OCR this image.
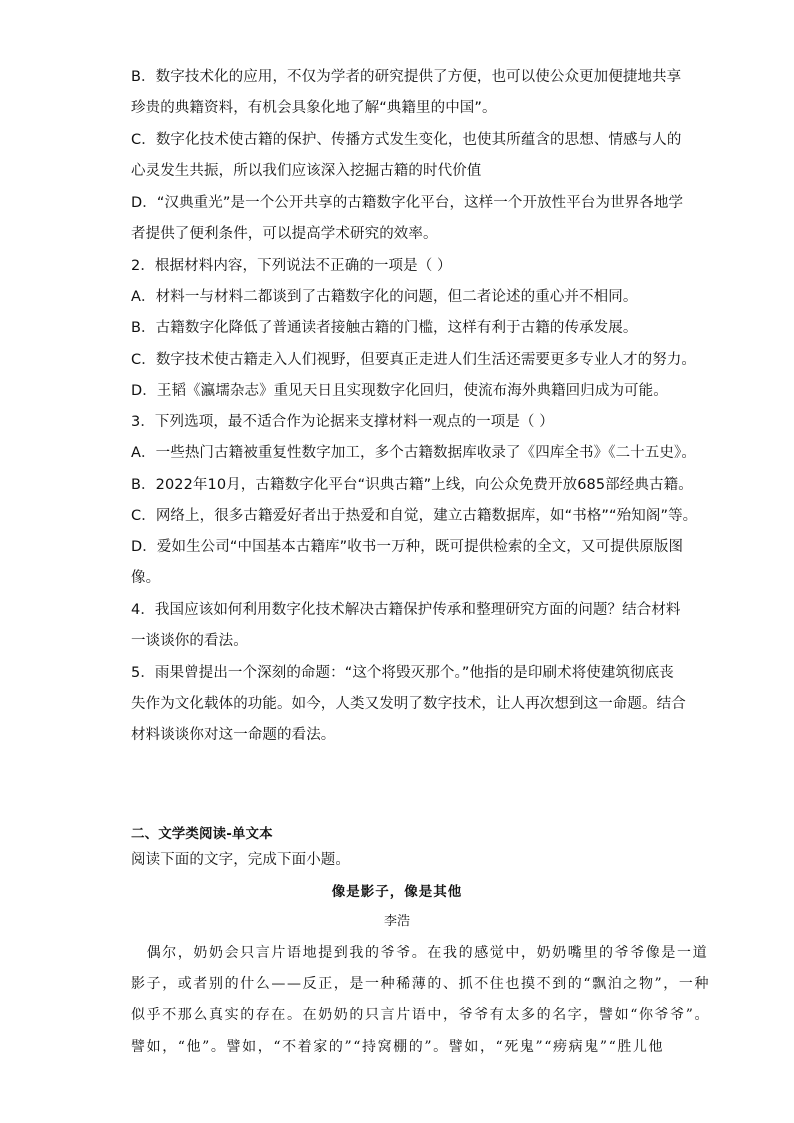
B．数字技术化的应用，不仅为学者的研究提供了方便，也可以使公众更加便捷地共享
珍贵的典籍资料，有机会具象化地了解“典籍里的中国”。
C．数字化技术使古籍的保护、传播方式发生变化，也使其所蕴含的思想、情感与人的
心灵发生共振，所以我们应该深入挖掘古籍的时代价值
D．“汉典重光”是一个公开共享的古籍数字化平台，这样一个开放性平台为世界各地学
者提供了便利条件，可以提高学术研究的效率。
2．根据材料内容，下列说法不正确的一项是（ ）
A．材料一与材料二都谈到了古籍数字化的问题，但二者论述的重心并不相同。
B．古籍数字化降低了普通读者接触古籍的门槛，这样有利于古籍的传承发展。
C．数字技术使古籍走入人们视野，但要真正走进人们生活还需要更多专业人才的努力。
D．王韬《瀛壖杂志》重见天日且实现数字化回归，使流布海外典籍回归成为可能。
3．下列选项，最不适合作为论据来支撑材料一观点的一项是（ ）
A．一些热门古籍被重复性数字加工，多个古籍数据库收录了《四库全书》《二十五史》。
B．2022年10月，古籍数字化平台“识典古籍”上线，向公众免费开放685部经典古籍。
C．网络上，很多古籍爱好者出于热爱和自觉，建立古籍数据库，如“书格”“殆知阁”等。
D．爱如生公司“中国基本古籍库”收书一万种，既可提供检索的全文，又可提供原版图
像。
4．我国应该如何利用数字化技术解决古籍保护传承和整理研究方面的问题？结合材料
一谈谈你的看法。
5．雨果曾提出一个深刻的命题：“这个将毁灭那个。”他指的是印刷术将使建筑彻底丧
失作为文化载体的功能。如今，人类又发明了数字技术，让人再次想到这一命题。结合
材料谈谈你对这一命题的看法。
二、文学类阅读-单文本
阅读下面的文字，完成下面小题。
像是影子，像是其他
李浩
　偶尔，奶奶会只言片语地提到我的爷爷。在我的感觉中，奶奶嘴里的爷爷像是一道
影子，或者别的什么——反正，是一种稀薄的、抓不住也摸不到的“飘泊之物”，一种
似乎不那么真实的存在。在奶奶的只言片语中，爷爷有太多的名字，譬如“你爷爷”。
譬如，“他”。譬如，“不着家的”“持窝棚的”。譬如，“死鬼”“痨病鬼”“胜儿他
